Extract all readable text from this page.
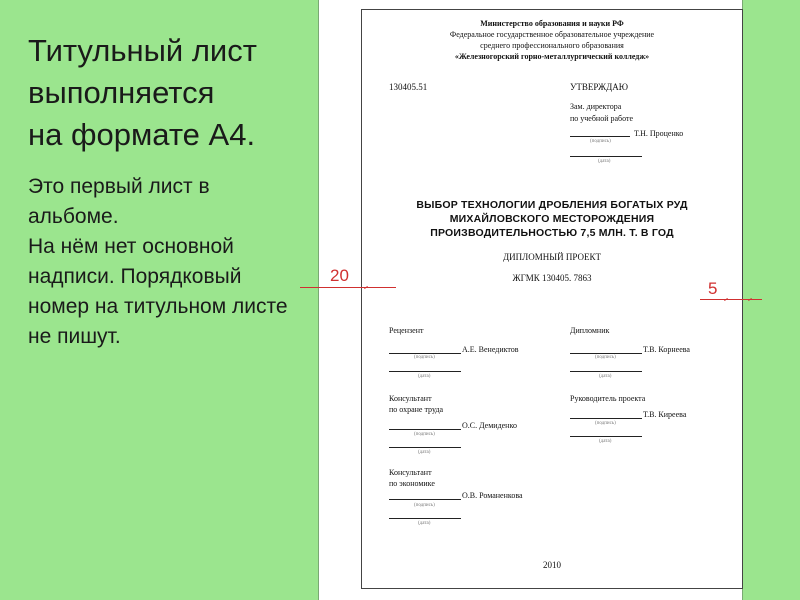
Титульный лист
выполняется
на формате А4.
Это первый лист в
альбоме.
На нём нет основной
надписи. Порядковый
номер на титульном листе
не пишут.
Министерство образования и науки РФ
Федеральное государственное образовательное учреждение
среднего профессионального образования
«Железногорский горно-металлургический колледж»
130405.51	УТВЕРЖДАЮ
Зам. директора
по учебной работе
Т.Н. Проценко
(подпись)
(дата)
ВЫБОР ТЕХНОЛОГИИ ДРОБЛЕНИЯ БОГАТЫХ РУД
МИХАЙЛОВСКОГО МЕСТОРОЖДЕНИЯ
ПРОИЗВОДИТЕЛЬНОСТЬЮ 7,5 МЛН. Т. В ГОД
ДИПЛОМНЫЙ ПРОЕКТ
ЖГМК 130405. 7863
Рецензент
А.Е. Венедиктов
(подпись)
(дата)
Дипломник
Т.В. Корнеева
(подпись)
(дата)
Консультант
по охране труда
О.С. Демиденко
(подпись)
(дата)
Руководитель проекта
Т.В. Киреева
(подпись)
(дата)
Консультант
по экономике
О.В. Романенкова
(подпись)
(дата)
2010
20
5
